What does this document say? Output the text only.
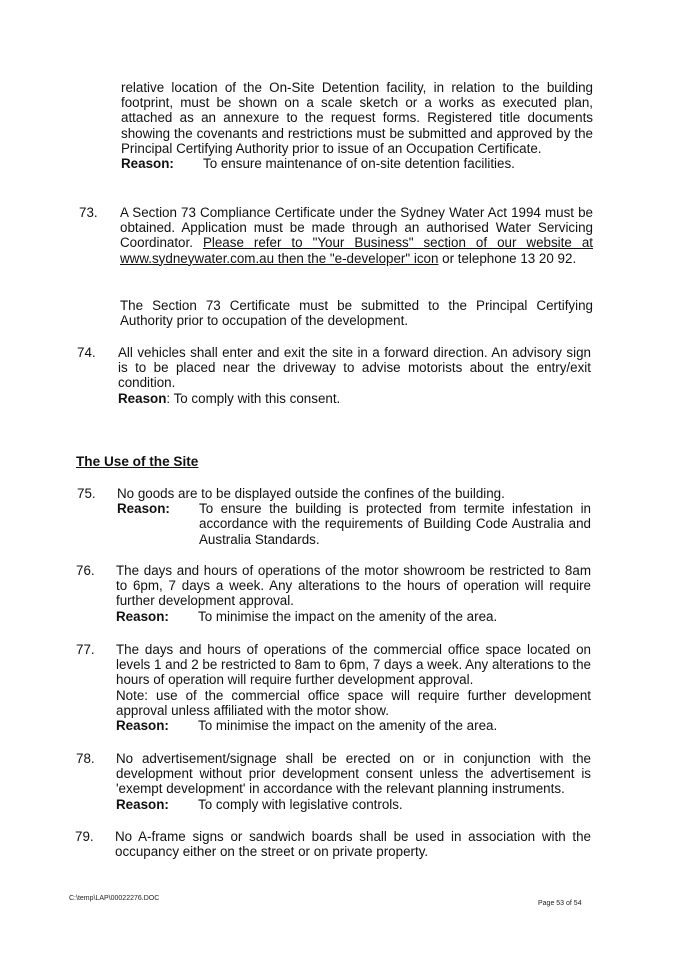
relative location of the On-Site Detention facility, in relation to the building footprint, must be shown on a scale sketch or a works as executed plan, attached as an annexure to the request forms. Registered title documents showing the covenants and restrictions must be submitted and approved by the Principal Certifying Authority prior to issue of an Occupation Certificate.
Reason:	To ensure maintenance of on-site detention facilities.
73. A Section 73 Compliance Certificate under the Sydney Water Act 1994 must be obtained. Application must be made through an authorised Water Servicing Coordinator. Please refer to "Your Business" section of our website at www.sydneywater.com.au then the "e-developer" icon or telephone 13 20 92.
The Section 73 Certificate must be submitted to the Principal Certifying Authority prior to occupation of the development.
74. All vehicles shall enter and exit the site in a forward direction. An advisory sign is to be placed near the driveway to advise motorists about the entry/exit condition.
Reason: To comply with this consent.
The Use of the Site
75. No goods are to be displayed outside the confines of the building.
Reason:	To ensure the building is protected from termite infestation in accordance with the requirements of Building Code Australia and Australia Standards.
76. The days and hours of operations of the motor showroom be restricted to 8am to 6pm, 7 days a week. Any alterations to the hours of operation will require further development approval.
Reason:	To minimise the impact on the amenity of the area.
77. The days and hours of operations of the commercial office space located on levels 1 and 2 be restricted to 8am to 6pm, 7 days a week. Any alterations to the hours of operation will require further development approval.
Note: use of the commercial office space will require further development approval unless affiliated with the motor show.
Reason:	To minimise the impact on the amenity of the area.
78. No advertisement/signage shall be erected on or in conjunction with the development without prior development consent unless the advertisement is 'exempt development' in accordance with the relevant planning instruments.
Reason:	To comply with legislative controls.
79. No A-frame signs or sandwich boards shall be used in association with the occupancy either on the street or on private property.
C:\temp\LAP\00022276.DOC
Page 53 of 54
